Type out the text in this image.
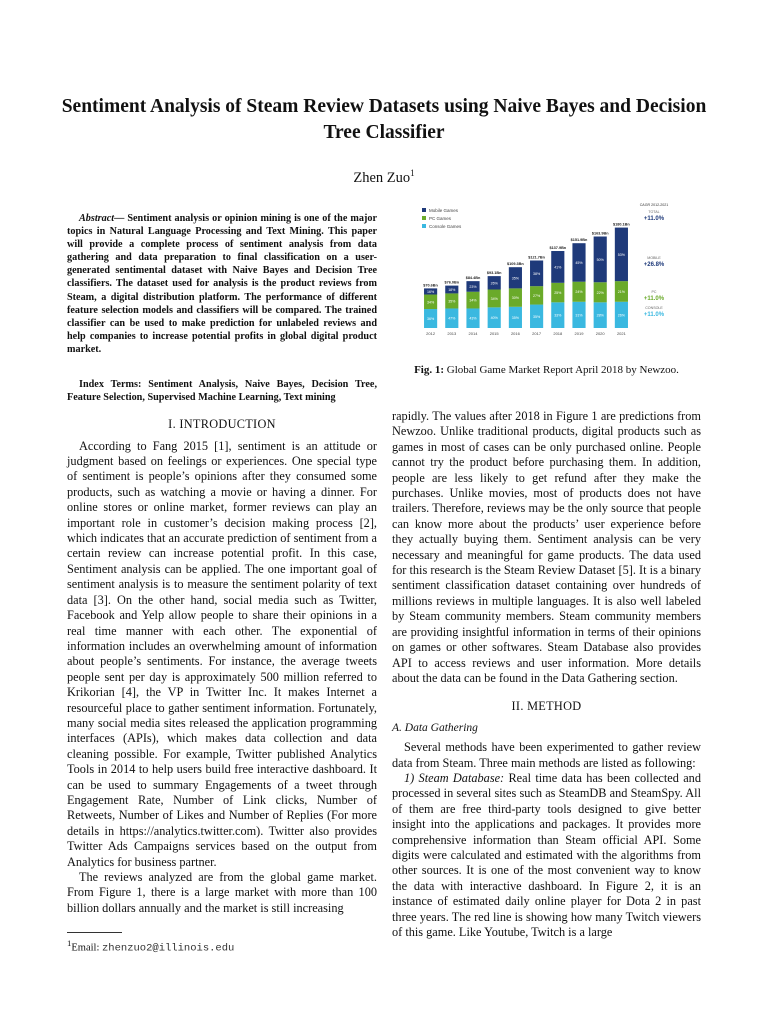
Sentiment Analysis of Steam Review Datasets using Naive Bayes and Decision Tree Classifier
Zhen Zuo$^1$

Abstract— Sentiment analysis or opinion mining is one of the major topics in Natural Language Processing and Text Mining. This paper will provide a complete process of sentiment analysis from data gathering and data preparation to final classification on a user-generated sentimental dataset with Naive Bayes and Decision Tree classifiers. The dataset used for analysis is the product reviews from Steam, a digital distribution platform. The performance of different feature selection models and classifiers will be compared. The trained classifier can be used to make prediction for unlabeled reviews and help companies to increase potential profits in global digital product market.

Index Terms: Sentiment Analysis, Naive Bayes, Decision Tree, Feature Selection, Supervised Machine Learning, Text mining

I. INTRODUCTION

According to Fang 2015 [1], sentiment is an attitude or judgment based on feelings or experiences. One special type of sentiment is people’s opinions after they consumed some products, such as watching a movie or having a dinner. For online stores or online market, former reviews can play an important role in customer’s decision making process [2], which indicates that an accurate prediction of sentiment from a certain review can increase potential profit. In this case, Sentiment analysis can be applied. The one important goal of sentiment analysis is to measure the sentiment polarity of text data [3]. On the other hand, social media such as Twitter, Facebook and Yelp allow people to share their opinions in a real time manner with each other. The exponential of information includes an overwhelming amount of information about people’s sentiments. For instance, the average tweets people sent per day is approximately 500 million referred to Krikorian [4], the VP in Twitter Inc. It makes Internet a resourceful place to gather sentiment information. Fortunately, many social media sites released the application programming interfaces (APIs), which makes data collection and data cleaning possible. For example, Twitter published Analytics Tools in 2014 to help users build free interactive dashboard. It can be used to summary Engagements of a tweet through Engagement Rate, Number of Link clicks, Number of Retweets, Number of Likes and Number of Replies (For more details in https://analytics.twitter.com). Twitter also provides Twitter Ads Campaigns services based on the output from Analytics for business partner.

The reviews analyzed are from the global game market. From Figure 1, there is a large market with more than 100 billion dollars annually and the market is still increasing

$^1$Email: zhenzuo2@illinois.edu
Mobile Games
PC Games
Console Games
36%
34%
16%
$70.6Bn
2012
47%
35%
18%
$76.0Bn
2013
43%
34%
23%
$84.4Bn
2014
40%
34%
26%
$93.1Bn
2015
35%
30%
35%
$109.3Bn
2016
35%
27%
38%
$121.7Bn
2017
33%
25%
41%
$137.9Bn
2018
31%
24%
45%
$151.9Bn
2019
28%
22%
50%
$163.9Bn
2020
26%
21%
53%
$180.1Bn
2021
CAGR 2012-2021
TOTAL
+11.0%
MOBILE
+26.8%
PC
+11.0%
CONSOLE
+11.0%
Fig. 1: Global Game Market Report April 2018 by Newzoo.

rapidly. The values after 2018 in Figure 1 are predictions from Newzoo. Unlike traditional products, digital products such as games in most of cases can be only purchased online. People cannot try the product before purchasing them. In addition, people are less likely to get refund after they make the purchases. Unlike movies, most of products does not have trailers. Therefore, reviews may be the only source that people can know more about the products’ user experience before they actually buying them. Sentiment analysis can be very necessary and meaningful for game products. The data used for this research is the Steam Review Dataset [5]. It is a binary sentiment classification dataset containing over hundreds of millions reviews in multiple languages. It is also well labeled by Steam community members. Steam community members are providing insightful information in terms of their opinions on games or other softwares. Steam Database also provides API to access reviews and user information. More details about the data can be found in the Data Gathering section.

II. METHOD
A. Data Gathering

Several methods have been experimented to gather review data from Steam. Three main methods are listed as following:

1) Steam Database: Real time data has been collected and processed in several sites such as SteamDB and SteamSpy. All of them are free third-party tools designed to give better insight into the applications and packages. It provides more comprehensive information than Steam official API. Some digits were calculated and estimated with the algorithms from other sources. It is one of the most convenient way to know the data with interactive dashboard. In Figure 2, it is an instance of estimated daily online player for Dota 2 in past three years. The red line is showing how many Twitch viewers of this game. Like Youtube, Twitch is a large
